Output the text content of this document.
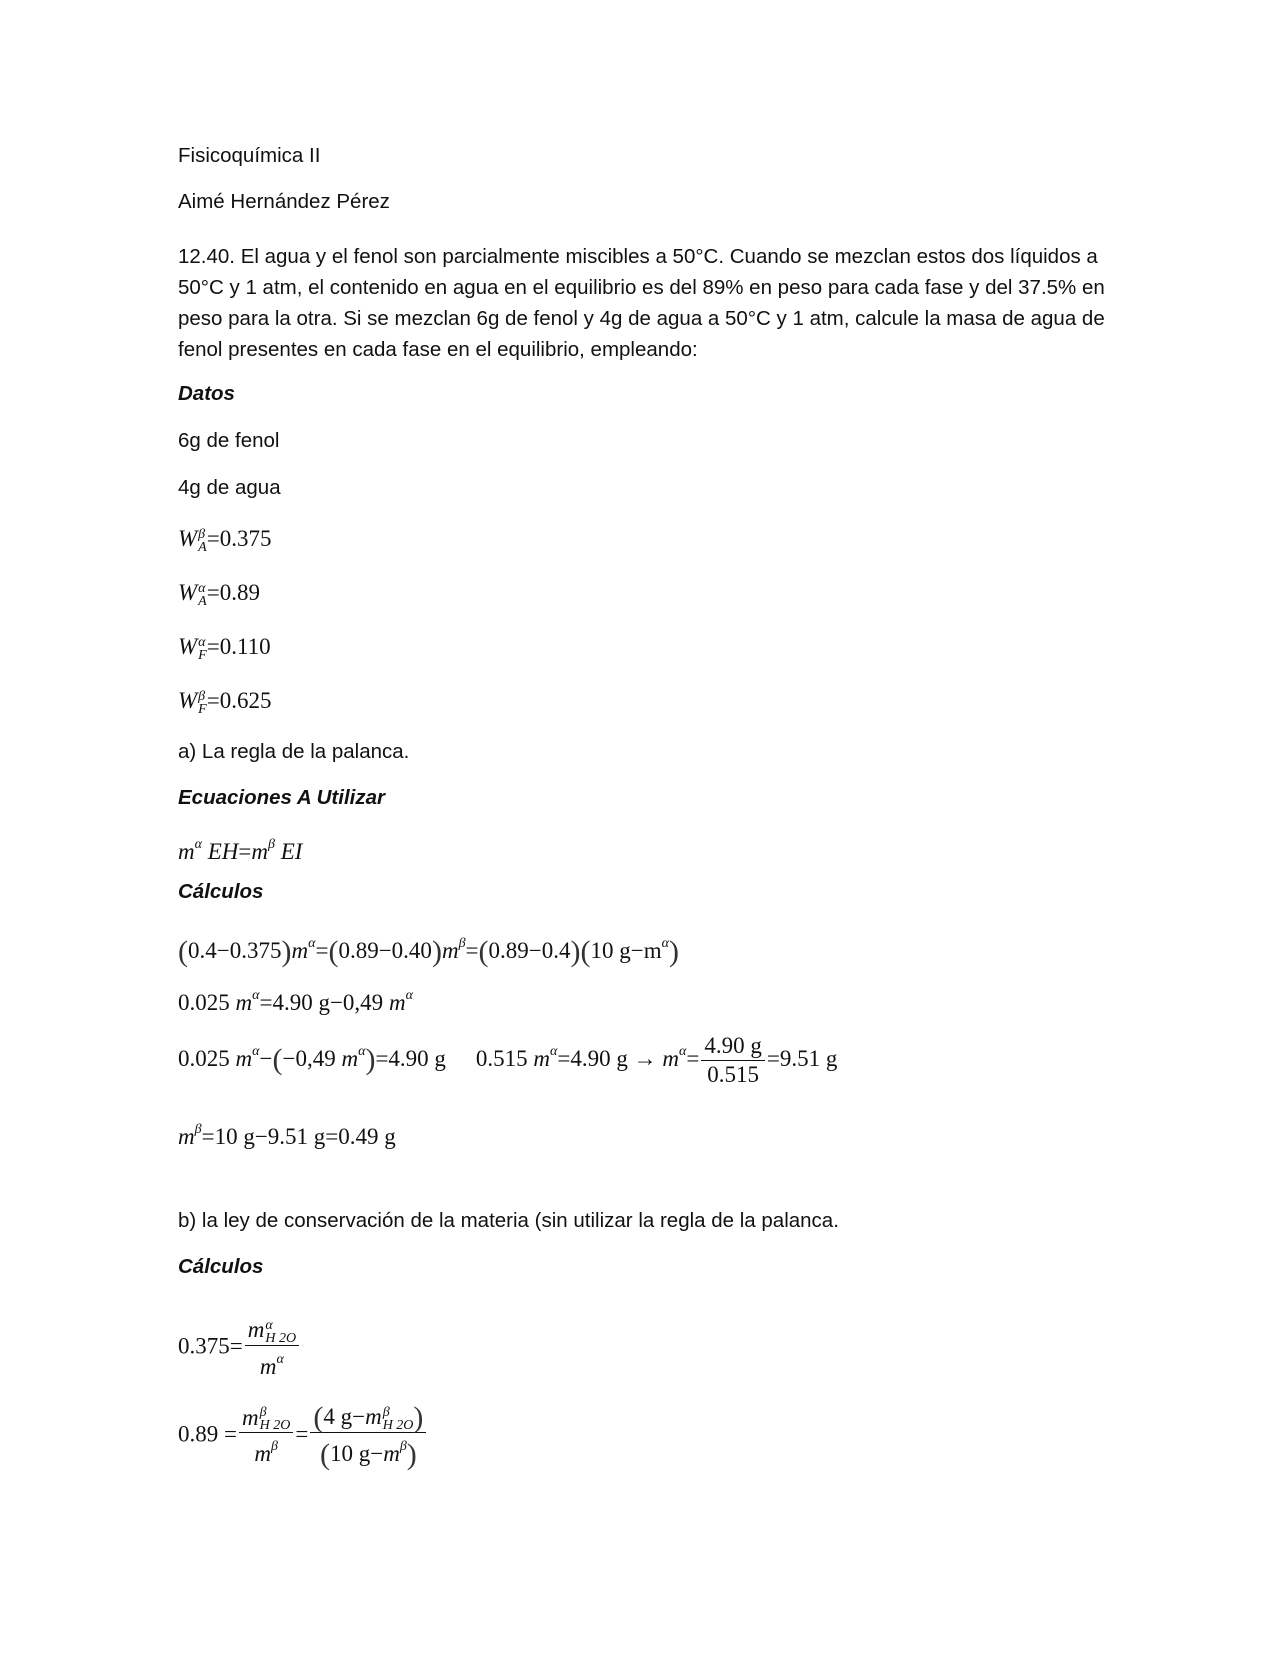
Fisicoquímica II
Aimé Hernández Pérez
12.40. El agua y el fenol son parcialmente miscibles a 50°C. Cuando se mezclan estos dos líquidos a 50°C y 1 atm, el contenido en agua en el equilibrio es del 89% en peso para cada fase y del 37.5% en peso para la otra. Si se mezclan 6g de fenol y 4g de agua a 50°C y 1 atm, calcule la masa de agua de fenol presentes en cada fase en el equilibrio, empleando:
Datos
6g de fenol
4g de agua
W β
A =0.375
W α
A =0.89
W α
F =0.110
W β
F =0.625
a) La regla de la palanca.
Ecuaciones A Utilizar
$m^\alpha$ $EH=m^\beta$ EI
Cálculos
$(0.4-0.375)m^\alpha=(0.89-0.40)m^\beta=(0.89-0.4)(10$ $g-m^\alpha$)
0.025 $m^\alpha=4.90$ g−0,49 $m^\alpha$
0.025 $m^\alpha-(-0,49$ $m^\alpha)=4.90$ g 0.515 $m^\alpha=4.90$ $g \to m^\alpha= \frac{4.90 g}{0.515} =9.51$ g
$m^\beta=10$ g−9.51 g=0.49 g
b) la ley de conservación de la materia (sin utilizar la regla de la palanca.
Cálculos
0.375= m α
H 2O
$m^\alpha$
0.89 = m β
H 2O
$m^\beta = (4$ g−m β
H 2O )
(10 $g-m^\beta$)
